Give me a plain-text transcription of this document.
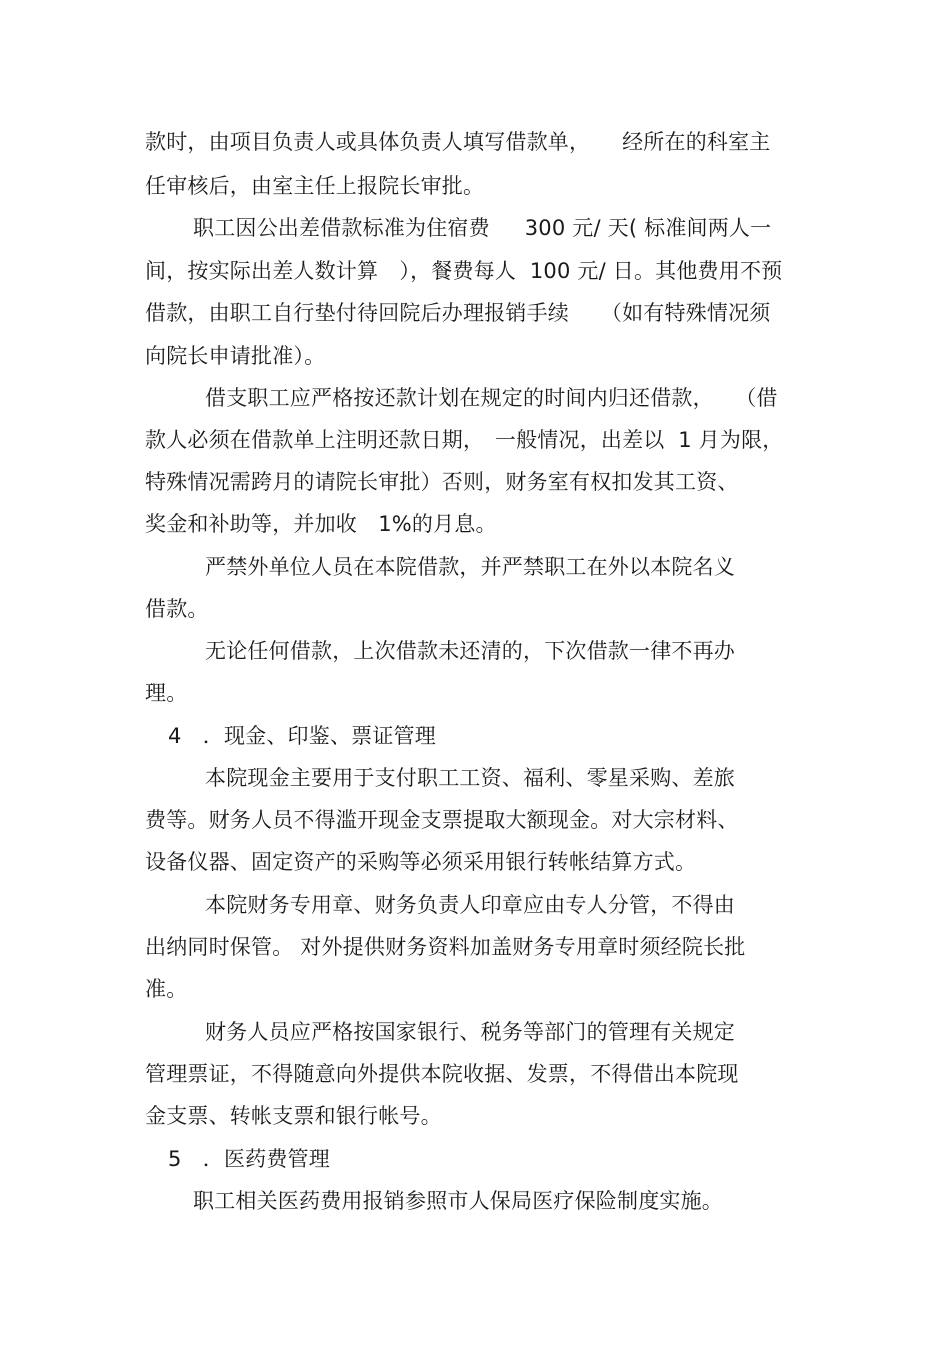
款时，由项目负责人或具体负责人填写借款单，　　经所在的科室主
任审核后，由室主任上报院长审批。
职工因公出差借款标准为住宿费　  300 元/ 天( 标准间两人一
间，按实际出差人数计算　），餐费每人  100 元/ 日。其他费用不预
借款，由职工自行垫付待回院后办理报销手续　　（如有特殊情况须
向院长申请批准）。
借支职工应严格按还款计划在规定的时间内归还借款，　　（借
款人必须在借款单上注明还款日期，　一般情况，出差以  1 月为限，
特殊情况需跨月的请院长审批）否则，财务室有权扣发其工资、
奖金和补助等，并加收　1%的月息。
严禁外单位人员在本院借款，并严禁职工在外以本院名义
借款。
无论任何借款，上次借款未还清的，下次借款一律不再办
理。
4　．现金、印鉴、票证管理
本院现金主要用于支付职工工资、福利、零星采购、差旅
费等。财务人员不得滥开现金支票提取大额现金。对大宗材料、
设备仪器、固定资产的采购等必须采用银行转帐结算方式。
本院财务专用章、财务负责人印章应由专人分管，不得由
出纳同时保管。 对外提供财务资料加盖财务专用章时须经院长批
准。
财务人员应严格按国家银行、税务等部门的管理有关规定
管理票证，不得随意向外提供本院收据、发票，不得借出本院现
金支票、转帐支票和银行帐号。
5　．医药费管理
职工相关医药费用报销参照市人保局医疗保险制度实施。
